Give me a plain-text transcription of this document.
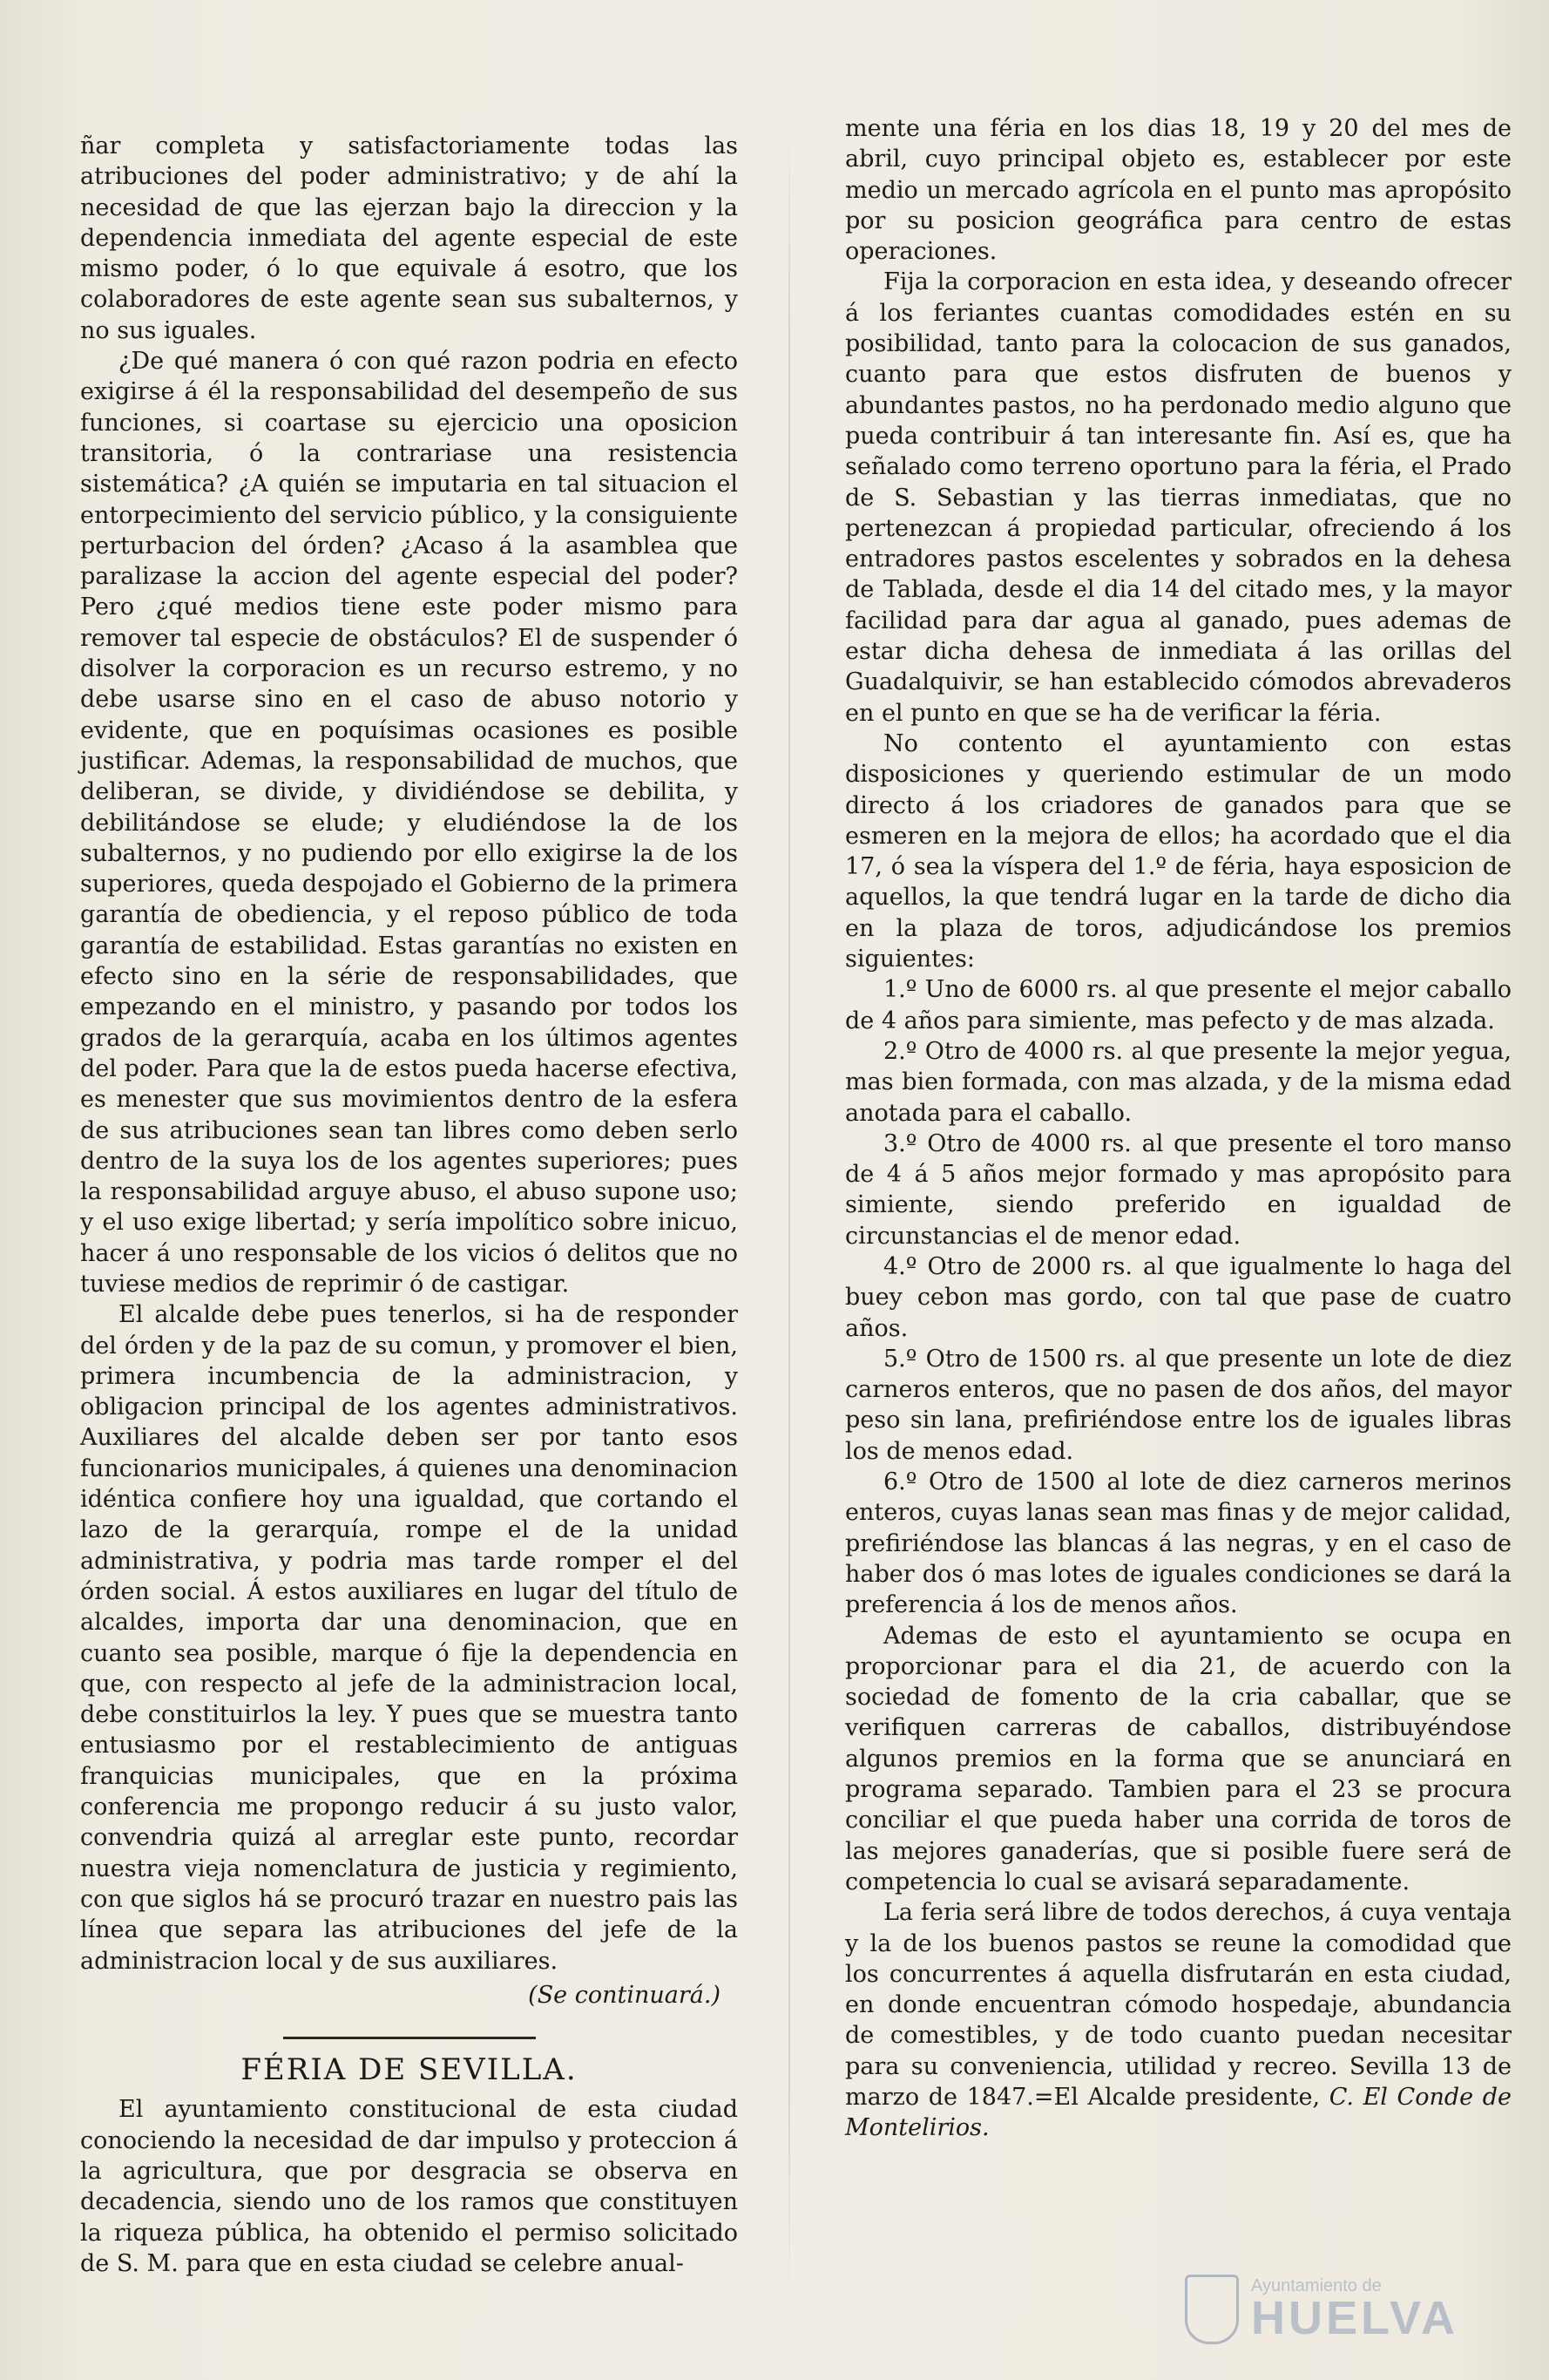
ñar completa y satisfactoriamente todas las atribuciones del poder administrativo; y de ahí la necesidad de que las ejerzan bajo la direccion y la dependencia inmediata del agente especial de este mismo poder, ó lo que equivale á esotro, que los colaboradores de este agente sean sus subalternos, y no sus iguales.

¿De qué manera ó con qué razon podria en efecto exigirse á él la responsabilidad del desempeño de sus funciones, si coartase su ejercicio una oposicion transitoria, ó la contrariase una resistencia sistemática? ¿A quién se imputaria en tal situacion el entorpecimiento del servicio público, y la consiguiente perturbacion del órden? ¿Acaso á la asamblea que paralizase la accion del agente especial del poder? Pero ¿qué medios tiene este poder mismo para remover tal especie de obstáculos? El de suspender ó disolver la corporacion es un recurso estremo, y no debe usarse sino en el caso de abuso notorio y evidente, que en poquísimas ocasiones es posible justificar. Ademas, la responsabilidad de muchos, que deliberan, se divide, y dividiéndose se debilita, y debilitándose se elude; y eludiéndose la de los subalternos, y no pudiendo por ello exigirse la de los superiores, queda despojado el Gobierno de la primera garantía de obediencia, y el reposo público de toda garantía de estabilidad. Estas garantías no existen en efecto sino en la série de responsabilidades, que empezando en el ministro, y pasando por todos los grados de la gerarquía, acaba en los últimos agentes del poder. Para que la de estos pueda hacerse efectiva, es menester que sus movimientos dentro de la esfera de sus atribuciones sean tan libres como deben serlo dentro de la suya los de los agentes superiores; pues la responsabilidad arguye abuso, el abuso supone uso; y el uso exige libertad; y sería impolítico sobre inicuo, hacer á uno responsable de los vicios ó delitos que no tuviese medios de reprimir ó de castigar.

El alcalde debe pues tenerlos, si ha de responder del órden y de la paz de su comun, y promover el bien, primera incumbencia de la administracion, y obligacion principal de los agentes administrativos. Auxiliares del alcalde deben ser por tanto esos funcionarios municipales, á quienes una denominacion idéntica confiere hoy una igualdad, que cortando el lazo de la gerarquía, rompe el de la unidad administrativa, y podria mas tarde romper el del órden social. Á estos auxiliares en lugar del título de alcaldes, importa dar una denominacion, que en cuanto sea posible, marque ó fije la dependencia en que, con respecto al jefe de la administracion local, debe constituirlos la ley. Y pues que se muestra tanto entusiasmo por el restablecimiento de antiguas franquicias municipales, que en la próxima conferencia me propongo reducir á su justo valor, convendria quizá al arreglar este punto, recordar nuestra vieja nomenclatura de justicia y regimiento, con que siglos há se procuró trazar en nuestro pais las línea que separa las atribuciones del jefe de la administracion local y de sus auxiliares.

(Se continuará.)
FÉRIA DE SEVILLA.

El ayuntamiento constitucional de esta ciudad conociendo la necesidad de dar impulso y proteccion á la agricultura, que por desgracia se observa en decadencia, siendo uno de los ramos que constituyen la riqueza pública, ha obtenido el permiso solicitado de S. M. para que en esta ciudad se celebre anual-

mente una féria en los dias 18, 19 y 20 del mes de abril, cuyo principal objeto es, establecer por este medio un mercado agrícola en el punto mas apropósito por su posicion geográfica para centro de estas operaciones.

Fija la corporacion en esta idea, y deseando ofrecer á los feriantes cuantas comodidades estén en su posibilidad, tanto para la colocacion de sus ganados, cuanto para que estos disfruten de buenos y abundantes pastos, no ha perdonado medio alguno que pueda contribuir á tan interesante fin. Así es, que ha señalado como terreno oportuno para la féria, el Prado de S. Sebastian y las tierras inmediatas, que no pertenezcan á propiedad particular, ofreciendo á los entradores pastos escelentes y sobrados en la dehesa de Tablada, desde el dia 14 del citado mes, y la mayor facilidad para dar agua al ganado, pues ademas de estar dicha dehesa de inmediata á las orillas del Guadalquivir, se han establecido cómodos abrevaderos en el punto en que se ha de verificar la féria.

No contento el ayuntamiento con estas disposiciones y queriendo estimular de un modo directo á los criadores de ganados para que se esmeren en la mejora de ellos; ha acordado que el dia 17, ó sea la víspera del 1.º de féria, haya esposicion de aquellos, la que tendrá lugar en la tarde de dicho dia en la plaza de toros, adjudicándose los premios siguientes:

1.º Uno de 6000 rs. al que presente el mejor caballo de 4 años para simiente, mas pefecto y de mas alzada.

2.º Otro de 4000 rs. al que presente la mejor yegua, mas bien formada, con mas alzada, y de la misma edad anotada para el caballo.

3.º Otro de 4000 rs. al que presente el toro manso de 4 á 5 años mejor formado y mas apropósito para simiente, siendo preferido en igualdad de circunstancias el de menor edad.

4.º Otro de 2000 rs. al que igualmente lo haga del buey cebon mas gordo, con tal que pase de cuatro años.

5.º Otro de 1500 rs. al que presente un lote de diez carneros enteros, que no pasen de dos años, del mayor peso sin lana, prefiriéndose entre los de iguales libras los de menos edad.

6.º Otro de 1500 al lote de diez carneros merinos enteros, cuyas lanas sean mas finas y de mejor calidad, prefiriéndose las blancas á las negras, y en el caso de haber dos ó mas lotes de iguales condiciones se dará la preferencia á los de menos años.

Ademas de esto el ayuntamiento se ocupa en proporcionar para el dia 21, de acuerdo con la sociedad de fomento de la cria caballar, que se verifiquen carreras de caballos, distribuyéndose algunos premios en la forma que se anunciará en programa separado. Tambien para el 23 se procura conciliar el que pueda haber una corrida de toros de las mejores ganaderías, que si posible fuere será de competencia lo cual se avisará separadamente.

La feria será libre de todos derechos, á cuya ventaja y la de los buenos pastos se reune la comodidad que los concurrentes á aquella disfrutarán en esta ciudad, en donde encuentran cómodo hospedaje, abundancia de comestibles, y de todo cuanto puedan necesitar para su conveniencia, utilidad y recreo. Sevilla 13 de marzo de 1847.=El Alcalde presidente, C. El Conde de Montelirios.

Ayuntamiento de
HUELVA
